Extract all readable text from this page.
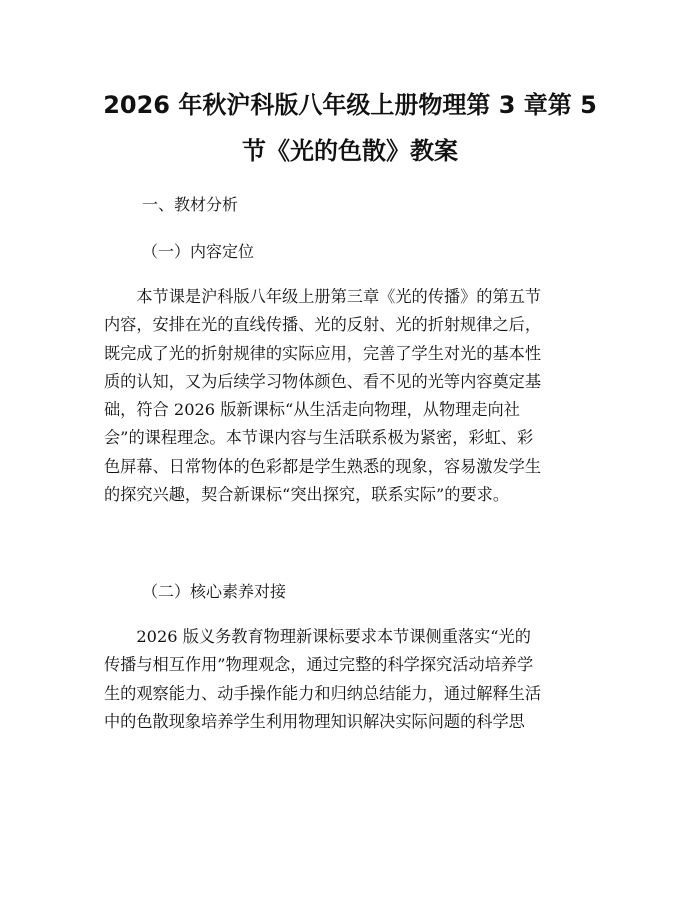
2026 年秋沪科版八年级上册物理第 3 章第 5
节《光的色散》教案
一、教材分析
（一）内容定位

　　本节课是沪科版八年级上册第三章《光的传播》的第五节
内容，安排在光的直线传播、光的反射、光的折射规律之后，
既完成了光的折射规律的实际应用，完善了学生对光的基本性
质的认知，又为后续学习物体颜色、看不见的光等内容奠定基
础，符合 2026 版新课标“从生活走向物理，从物理走向社
会”的课程理念。本节课内容与生活联系极为紧密，彩虹、彩
色屏幕、日常物体的色彩都是学生熟悉的现象，容易激发学生
的探究兴趣，契合新课标“突出探究，联系实际”的要求。

（二）核心素养对接

　　2026 版义务教育物理新课标要求本节课侧重落实“光的
传播与相互作用”物理观念，通过完整的科学探究活动培养学
生的观察能力、动手操作能力和归纳总结能力，通过解释生活
中的色散现象培养学生利用物理知识解决实际问题的科学思
